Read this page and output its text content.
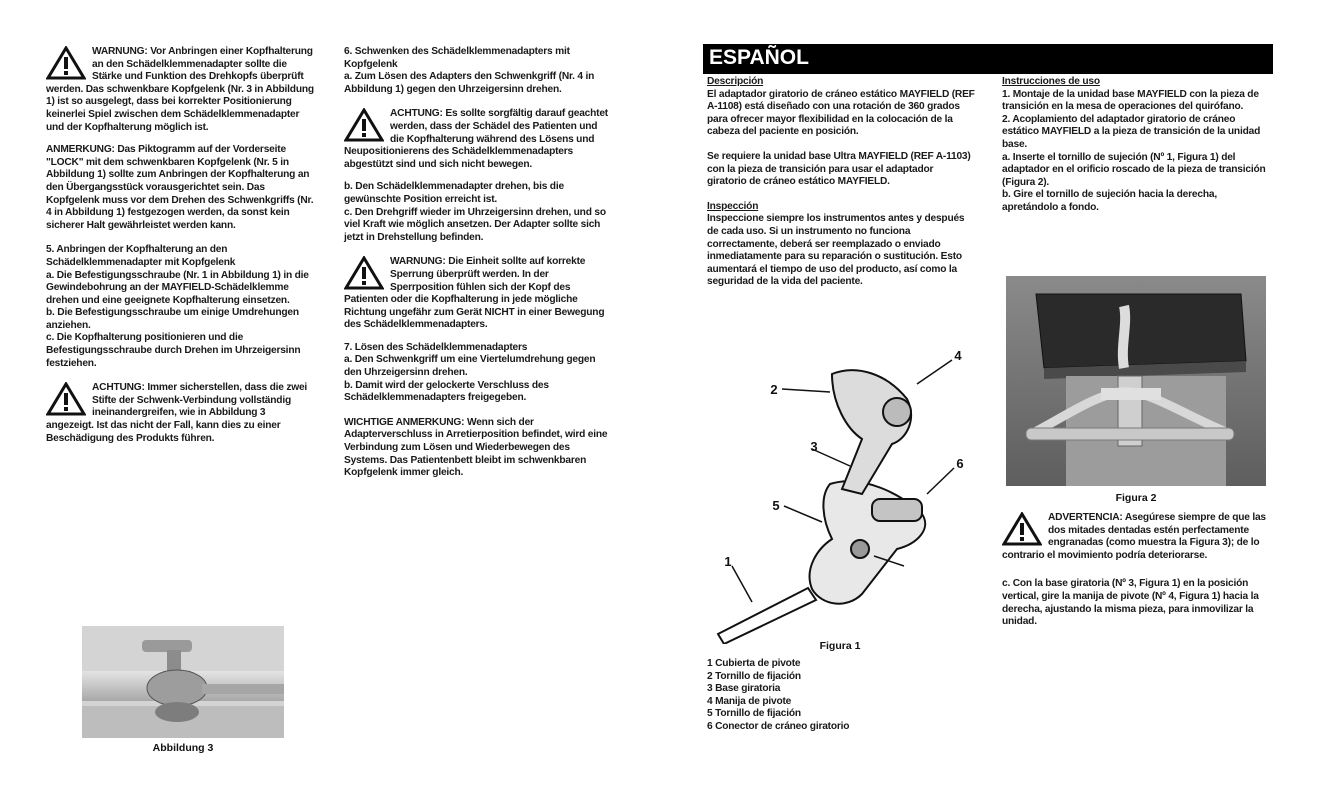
WARNUNG: Vor Anbringen einer Kopfhalterung an den Schädelklemmenadapter sollte die Stärke und Funktion des Drehkopfs überprüft werden. Das schwenkbare Kopfgelenk (Nr. 3 in Abbildung 1) ist so ausgelegt, dass bei korrekter Positionierung keinerlei Spiel zwischen dem Schädelklemmenadapter und der Kopfhalterung möglich ist.

ANMERKUNG: Das Piktogramm auf der Vorderseite "LOCK" mit dem schwenkbaren Kopfgelenk (Nr. 5 in Abbildung 1) sollte zum Anbringen der Kopfhalterung an den Übergangsstück vorausgerichtet sein. Das Kopfgelenk muss vor dem Drehen des Schwenkgriffs (Nr. 4 in Abbildung 1) festgezogen werden, da sonst kein sicherer Halt gewährleistet werden kann.

5. Anbringen der Kopfhalterung an den Schädelklemmenadapter mit Kopfgelenk
a. Die Befestigungsschraube (Nr. 1 in Abbildung 1) in die Gewindebohrung an der MAYFIELD-Schädelklemme drehen und eine geeignete Kopfhalterung einsetzen.
b. Die Befestigungsschraube um einige Umdrehungen anziehen.
c. Die Kopfhalterung positionieren und die Befestigungsschraube durch Drehen im Uhrzeigersinn festziehen.

ACHTUNG: Immer sicherstellen, dass die zwei Stifte der Schwenk-Verbindung vollständig ineinandergreifen, wie in Abbildung 3 angezeigt. Ist das nicht der Fall, kann dies zu einer Beschädigung des Produkts führen.
Abbildung 3

6. Schwenken des Schädelklemmenadapters mit Kopfgelenk
a. Zum Lösen des Adapters den Schwenkgriff (Nr. 4 in Abbildung 1) gegen den Uhrzeigersinn drehen.

ACHTUNG: Es sollte sorgfältig darauf geachtet werden, dass der Schädel des Patienten und die Kopfhalterung während des Lösens und Neupositionierens des Schädelklemmenadapters abgestützt sind und sich nicht bewegen.

b. Den Schädelklemmenadapter drehen, bis die gewünschte Position erreicht ist.
c. Den Drehgriff wieder im Uhrzeigersinn drehen, und so viel Kraft wie möglich ansetzen. Der Adapter sollte sich jetzt in Drehstellung befinden.

WARNUNG: Die Einheit sollte auf korrekte Sperrung überprüft werden. In der Sperrposition fühlen sich der Kopf des Patienten oder die Kopfhalterung in jede mögliche Richtung ungefähr zum Gerät NICHT in einer Bewegung des Schädelklemmenadapters.

7. Lösen des Schädelklemmenadapters
a. Den Schwenkgriff um eine Viertelumdrehung gegen den Uhrzeigersinn drehen.
b. Damit wird der gelockerte Verschluss des Schädelklemmenadapters freigegeben.

WICHTIGE ANMERKUNG: Wenn sich der Adapterverschluss in Arretierposition befindet, wird eine Verbindung zum Lösen und Wiederbewegen des Systems. Das Patientenbett bleibt im schwenkbaren Kopfgelenk immer gleich.

ESPAÑOL

Descripción
El adaptador giratorio de cráneo estático MAYFIELD (REF A-1108) está diseñado con una rotación de 360 grados para ofrecer mayor flexibilidad en la colocación de la cabeza del paciente en posición.

Se requiere la unidad base Ultra MAYFIELD (REF A-1103) con la pieza de transición para usar el adaptador giratorio de cráneo estático MAYFIELD.

Inspección
Inspeccione siempre los instrumentos antes y después de cada uso. Si un instrumento no funciona correctamente, deberá ser reemplazado o enviado inmediatamente para su reparación o sustitución. Esto aumentará el tiempo de uso del producto, así como la seguridad de la vida del paciente.

2
4
3
6
5
1
Figura 1
1 Cubierta de pivote
2 Tornillo de fijación
3 Base giratoria
4 Manija de pivote
5 Tornillo de fijación
6 Conector de cráneo giratorio

Instrucciones de uso
1. Montaje de la unidad base MAYFIELD con la pieza de transición en la mesa de operaciones del quirófano.
2. Acoplamiento del adaptador giratorio de cráneo estático MAYFIELD a la pieza de transición de la unidad base.
a. Inserte el tornillo de sujeción (Nº 1, Figura 1) del adaptador en el orificio roscado de la pieza de transición (Figura 2).
b. Gire el tornillo de sujeción hacia la derecha, apretándolo a fondo.

Figura 2
ADVERTENCIA: Asegúrese siempre de que las dos mitades dentadas estén perfectamente engranadas (como muestra la Figura 3); de lo contrario el movimiento podría deteriorarse.

c. Con la base giratoria (Nº 3, Figura 1) en la posición vertical, gire la manija de pivote (Nº 4, Figura 1) hacia la derecha, ajustando la misma pieza, para inmovilizar la unidad.
